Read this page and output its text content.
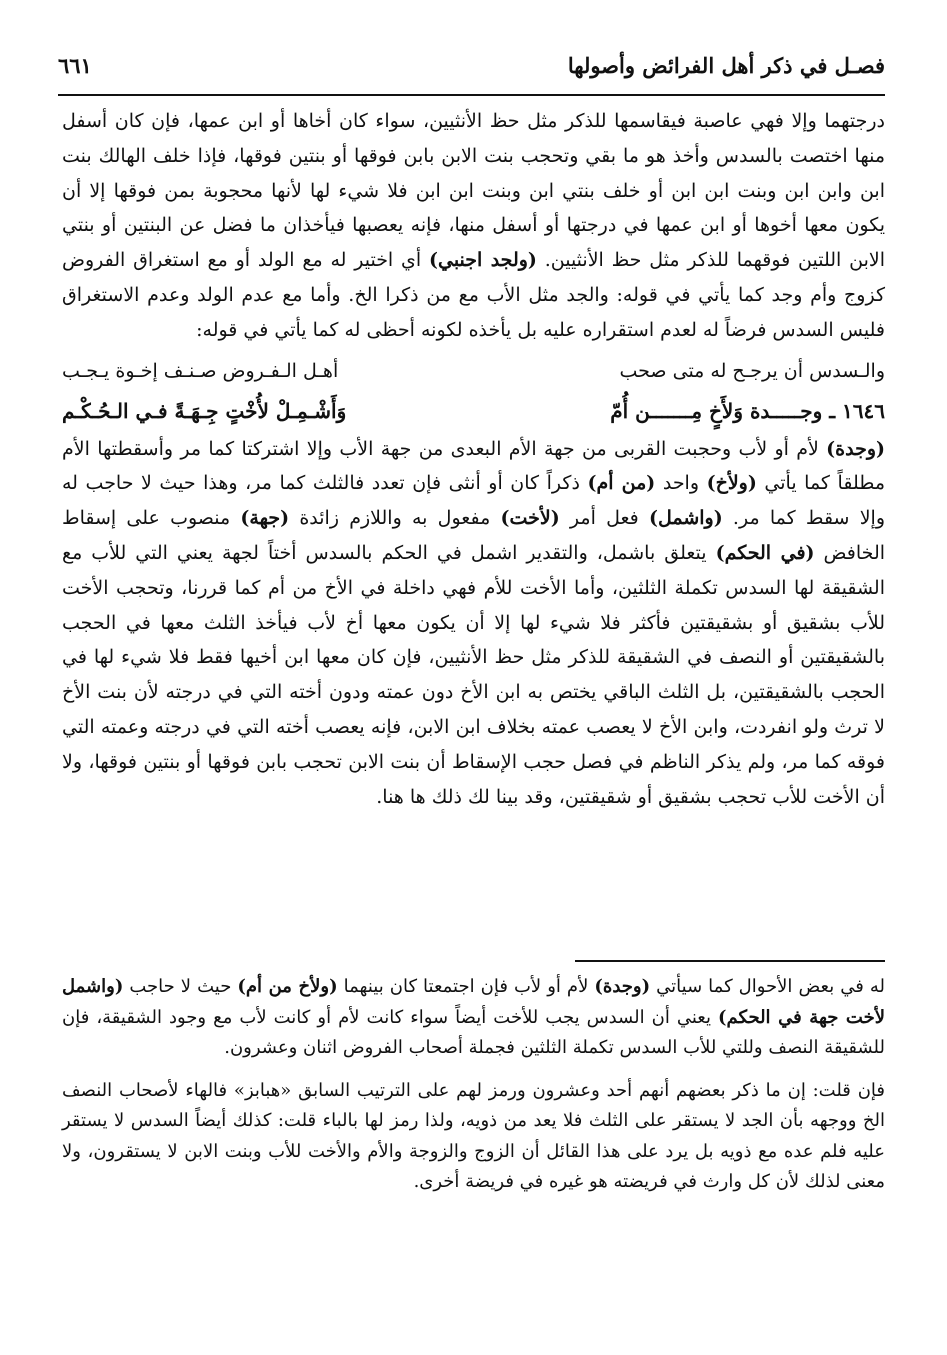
فصـل في ذكر أهل الفرائض وأصولها
٦٦١

درجتهما وإلا فهي عاصبة فيقاسمها للذكر مثل حظ الأنثيين، سواء كان أخاها أو ابن عمها، فإن كان أسفل منها اختصت بالسدس وأخذ هو ما بقي وتحجب بنت الابن بابن فوقها أو بنتين فوقها، فإذا خلف الهالك بنت ابن وابن ابن وبنت ابن ابن أو خلف بنتي ابن وبنت ابن ابن فلا شيء لها لأنها محجوبة بمن فوقها إلا أن يكون معها أخوها أو ابن عمها في درجتها أو أسفل منها، فإنه يعصبها فيأخذان ما فضل عن البنتين أو بنتي الابن اللتين فوقهما للذكر مثل حظ الأنثيين. (ولجد اجنبي) أي اختير له مع الولد أو مع استغراق الفروض كزوج وأم وجد كما يأتي في قوله: والجد مثل الأب مع من ذكرا الخ. وأما مع عدم الولد وعدم الاستغراق فليس السدس فرضاً له لعدم استقراره عليه بل يأخذه لكونه أحظى له كما يأتي في قوله:

والـسدس أن يرجـح له متى صحب
أهـل الـفـروض صـنـف إخـوة يـجـب
١٦٤٦ ـ وجـــــدة وَلأَخٍ مِـــــــن أُمّ
وَأَشْـمِـلْ لأُخْتٍ جِـهَـةً فـي الـحُـكْـم

(وجدة) لأم أو لأب وحجبت القربى من جهة الأم البعدى من جهة الأب وإلا اشتركتا كما مر وأسقطتها الأم مطلقاً كما يأتي (ولأخ) واحد (من أم) ذكراً كان أو أنثى فإن تعدد فالثلث كما مر، وهذا حيث لا حاجب له وإلا سقط كما مر. (واشمل) فعل أمر (لأخت) مفعول به واللازم زائدة (جهة) منصوب على إسقاط الخافض (في الحكم) يتعلق باشمل، والتقدير اشمل في الحكم بالسدس أختاً لجهة يعني التي للأب مع الشقيقة لها السدس تكملة الثلثين، وأما الأخت للأم فهي داخلة في الأخ من أم كما قررنا، وتحجب الأخت للأب بشقيق أو بشقيقتين فأكثر فلا شيء لها إلا أن يكون معها أخ لأب فيأخذ الثلث معها في الحجب بالشقيقتين أو النصف في الشقيقة للذكر مثل حظ الأنثيين، فإن كان معها ابن أخيها فقط فلا شيء لها في الحجب بالشقيقتين، بل الثلث الباقي يختص به ابن الأخ دون عمته ودون أخته التي في درجته لأن بنت الأخ لا ترث ولو انفردت، وابن الأخ لا يعصب عمته بخلاف ابن الابن، فإنه يعصب أخته التي في درجته وعمته التي فوقه كما مر، ولم يذكر الناظم في فصل حجب الإسقاط أن بنت الابن تحجب بابن فوقها أو بنتين فوقها، ولا أن الأخت للأب تحجب بشقيق أو شقيقتين، وقد بينا لك ذلك ها هنا.

له في بعض الأحوال كما سيأتي (وجدة) لأم أو لأب فإن اجتمعتا كان بينهما (ولأخ من أم) حيث لا حاجب (واشمل لأخت جهة في الحكم) يعني أن السدس يجب للأخت أيضاً سواء كانت لأم أو كانت لأب مع وجود الشقيقة، فإن للشقيقة النصف وللتي للأب السدس تكملة الثلثين فجملة أصحاب الفروض اثنان وعشرون.

فإن قلت: إن ما ذكر بعضهم أنهم أحد وعشرون ورمز لهم على الترتيب السابق «هبابز» فالهاء لأصحاب النصف الخ ووجهه بأن الجد لا يستقر على الثلث فلا يعد من ذويه، ولذا رمز لها بالباء قلت: كذلك أيضاً السدس لا يستقر عليه فلم عده مع ذويه بل يرد على هذا القائل أن الزوج والزوجة والأم والأخت للأب وبنت الابن لا يستقرون، ولا معنى لذلك لأن كل وارث في فريضته هو غيره في فريضة أخرى.
